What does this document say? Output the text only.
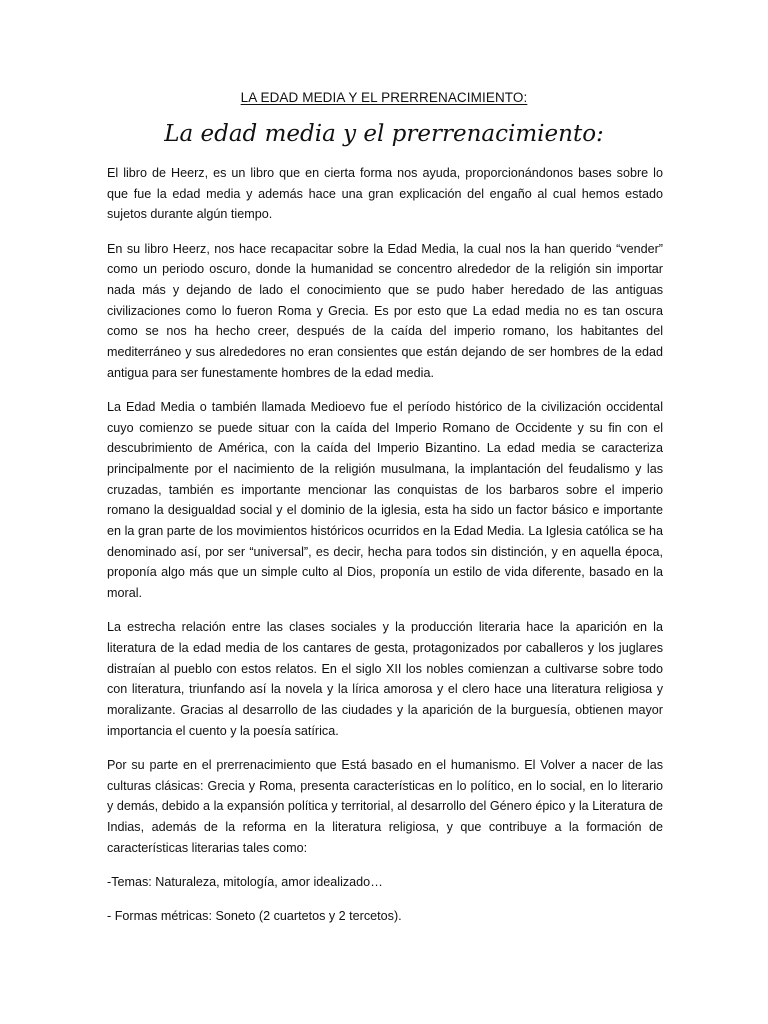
LA EDAD MEDIA Y EL PRERRENACIMIENTO:
La edad media y el prerrenacimiento:

El libro de Heerz, es un libro que en cierta forma nos ayuda, proporcionándonos bases sobre lo que fue la edad media y además hace una gran explicación del engaño al cual hemos estado sujetos durante algún tiempo.

En su libro Heerz, nos hace recapacitar sobre la Edad Media, la cual nos la han querido “vender” como un periodo oscuro, donde la humanidad se concentro alrededor de la religión sin importar nada más y dejando de lado el conocimiento que se pudo haber heredado de las antiguas civilizaciones como lo fueron Roma y Grecia. Es por esto que La edad media no es tan oscura como se nos ha hecho creer, después de la caída del imperio romano, los habitantes del mediterráneo y sus alrededores no eran consientes que están dejando de ser hombres de la edad antigua para ser funestamente hombres de la edad media.

La Edad Media o también llamada Medioevo fue el período histórico de la civilización occidental cuyo comienzo se puede situar con la caída del Imperio Romano de Occidente y su fin con el descubrimiento de América, con la caída del Imperio Bizantino. La edad media se caracteriza principalmente por el nacimiento de la religión musulmana, la implantación del feudalismo y las cruzadas, también es importante mencionar las conquistas de los barbaros sobre el imperio romano la desigualdad social y el dominio de la iglesia, esta ha sido un factor básico e importante en la gran parte de los movimientos históricos ocurridos en la Edad Media. La Iglesia católica se ha denominado así, por ser “universal”, es decir, hecha para todos sin distinción, y en aquella época, proponía algo más que un simple culto al Dios, proponía un estilo de vida diferente, basado en la moral.

La estrecha relación entre las clases sociales y la producción literaria hace la aparición en la literatura de la edad media de los cantares de gesta, protagonizados por caballeros y los juglares distraían al pueblo con estos relatos. En el siglo XII los nobles comienzan a cultivarse sobre todo con literatura, triunfando así la novela y la lírica amorosa y el clero hace una literatura religiosa y moralizante. Gracias al desarrollo de las ciudades y la aparición de la burguesía, obtienen mayor importancia el cuento y la poesía satírica.

Por su parte en el prerrenacimiento que Está basado en el humanismo. El Volver a nacer de las culturas clásicas: Grecia y Roma, presenta características en lo político, en lo social, en lo literario y demás, debido a la expansión política y territorial, al desarrollo del Género épico y la Literatura de Indias, además de la reforma en la literatura religiosa, y que contribuye a la formación de características literarias tales como:

-Temas: Naturaleza, mitología, amor idealizado…

- Formas métricas: Soneto (2 cuartetos y 2 tercetos).
